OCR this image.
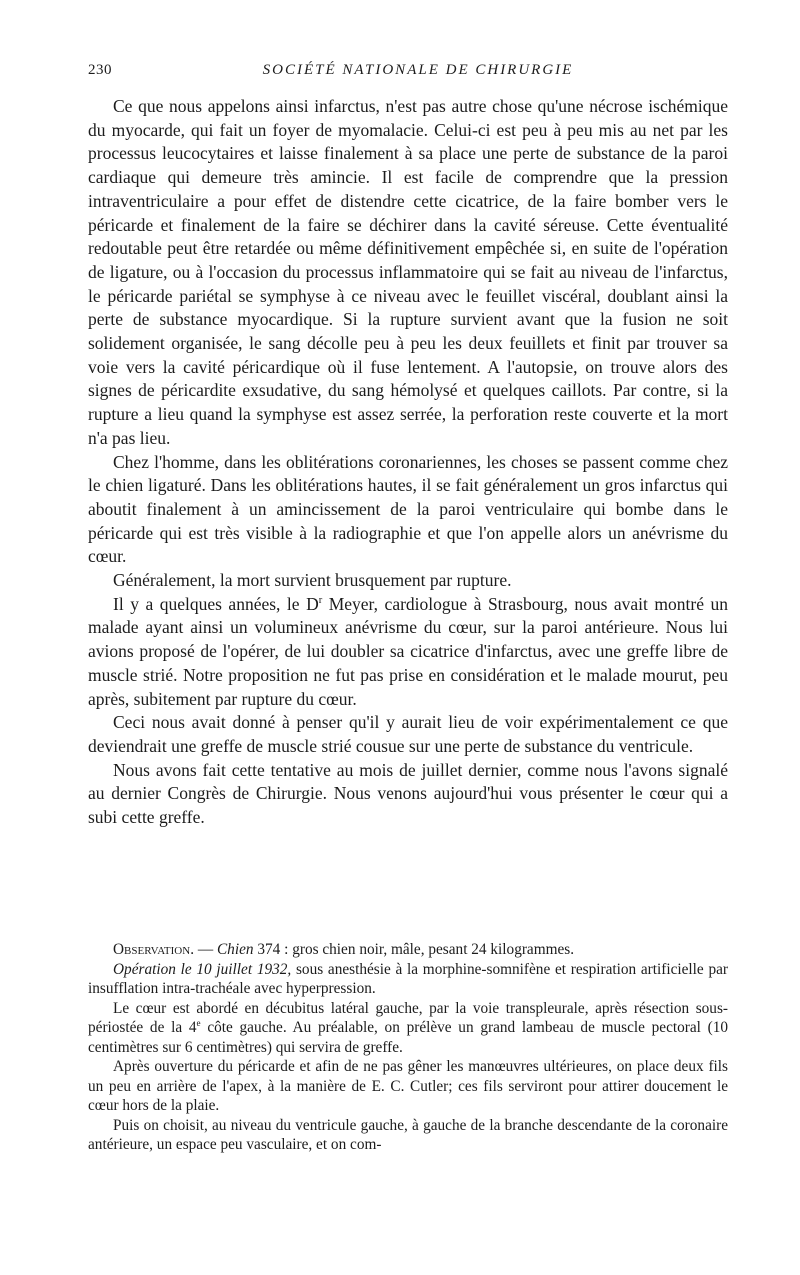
230	SOCIÉTÉ NATIONALE DE CHIRURGIE

Ce que nous appelons ainsi infarctus, n'est pas autre chose qu'une nécrose ischémique du myocarde, qui fait un foyer de myomalacie. Celui-ci est peu à peu mis au net par les processus leucocytaires et laisse finalement à sa place une perte de substance de la paroi cardiaque qui demeure très amincie. Il est facile de comprendre que la pression intraventriculaire a pour effet de distendre cette cicatrice, de la faire bomber vers le péricarde et finalement de la faire se déchirer dans la cavité séreuse. Cette éventualité redoutable peut être retardée ou même définitivement empêchée si, en suite de l'opération de ligature, ou à l'occasion du processus inflammatoire qui se fait au niveau de l'infarctus, le péricarde pariétal se symphyse à ce niveau avec le feuillet viscéral, doublant ainsi la perte de substance myocardique. Si la rupture survient avant que la fusion ne soit solidement organisée, le sang décolle peu à peu les deux feuillets et finit par trouver sa voie vers la cavité péricardique où il fuse lentement. A l'autopsie, on trouve alors des signes de péricardite exsudative, du sang hémolysé et quelques caillots. Par contre, si la rupture a lieu quand la symphyse est assez serrée, la perforation reste couverte et la mort n'a pas lieu.

Chez l'homme, dans les oblitérations coronariennes, les choses se passent comme chez le chien ligaturé. Dans les oblitérations hautes, il se fait généralement un gros infarctus qui aboutit finalement à un amincissement de la paroi ventriculaire qui bombe dans le péricarde qui est très visible à la radiographie et que l'on appelle alors un anévrisme du cœur.

Généralement, la mort survient brusquement par rupture.

Il y a quelques années, le $D^r$ Meyer, cardiologue à Strasbourg, nous avait montré un malade ayant ainsi un volumineux anévrisme du cœur, sur la paroi antérieure. Nous lui avions proposé de l'opérer, de lui doubler sa cicatrice d'infarctus, avec une greffe libre de muscle strié. Notre proposition ne fut pas prise en considération et le malade mourut, peu après, subitement par rupture du cœur.

Ceci nous avait donné à penser qu'il y aurait lieu de voir expérimentalement ce que deviendrait une greffe de muscle strié cousue sur une perte de substance du ventricule.

Nous avons fait cette tentative au mois de juillet dernier, comme nous l'avons signalé au dernier Congrès de Chirurgie. Nous venons aujourd'hui vous présenter le cœur qui a subi cette greffe.

Observation. — Chien 374 : gros chien noir, mâle, pesant 24 kilogrammes.

Opération le 10 juillet 1932, sous anesthésie à la morphine-somnifène et respiration artificielle par insufflation intra-trachéale avec hyperpression.

Le cœur est abordé en décubitus latéral gauche, par la voie transpleurale, après résection sous-périostée de la 4e côte gauche. Au préalable, on prélève un grand lambeau de muscle pectoral (10 centimètres sur 6 centimètres) qui servira de greffe.

Après ouverture du péricarde et afin de ne pas gêner les manœuvres ultérieures, on place deux fils un peu en arrière de l'apex, à la manière de E. C. Cutler; ces fils serviront pour attirer doucement le cœur hors de la plaie.

Puis on choisit, au niveau du ventricule gauche, à gauche de la branche descendante de la coronaire antérieure, un espace peu vasculaire, et on com-
